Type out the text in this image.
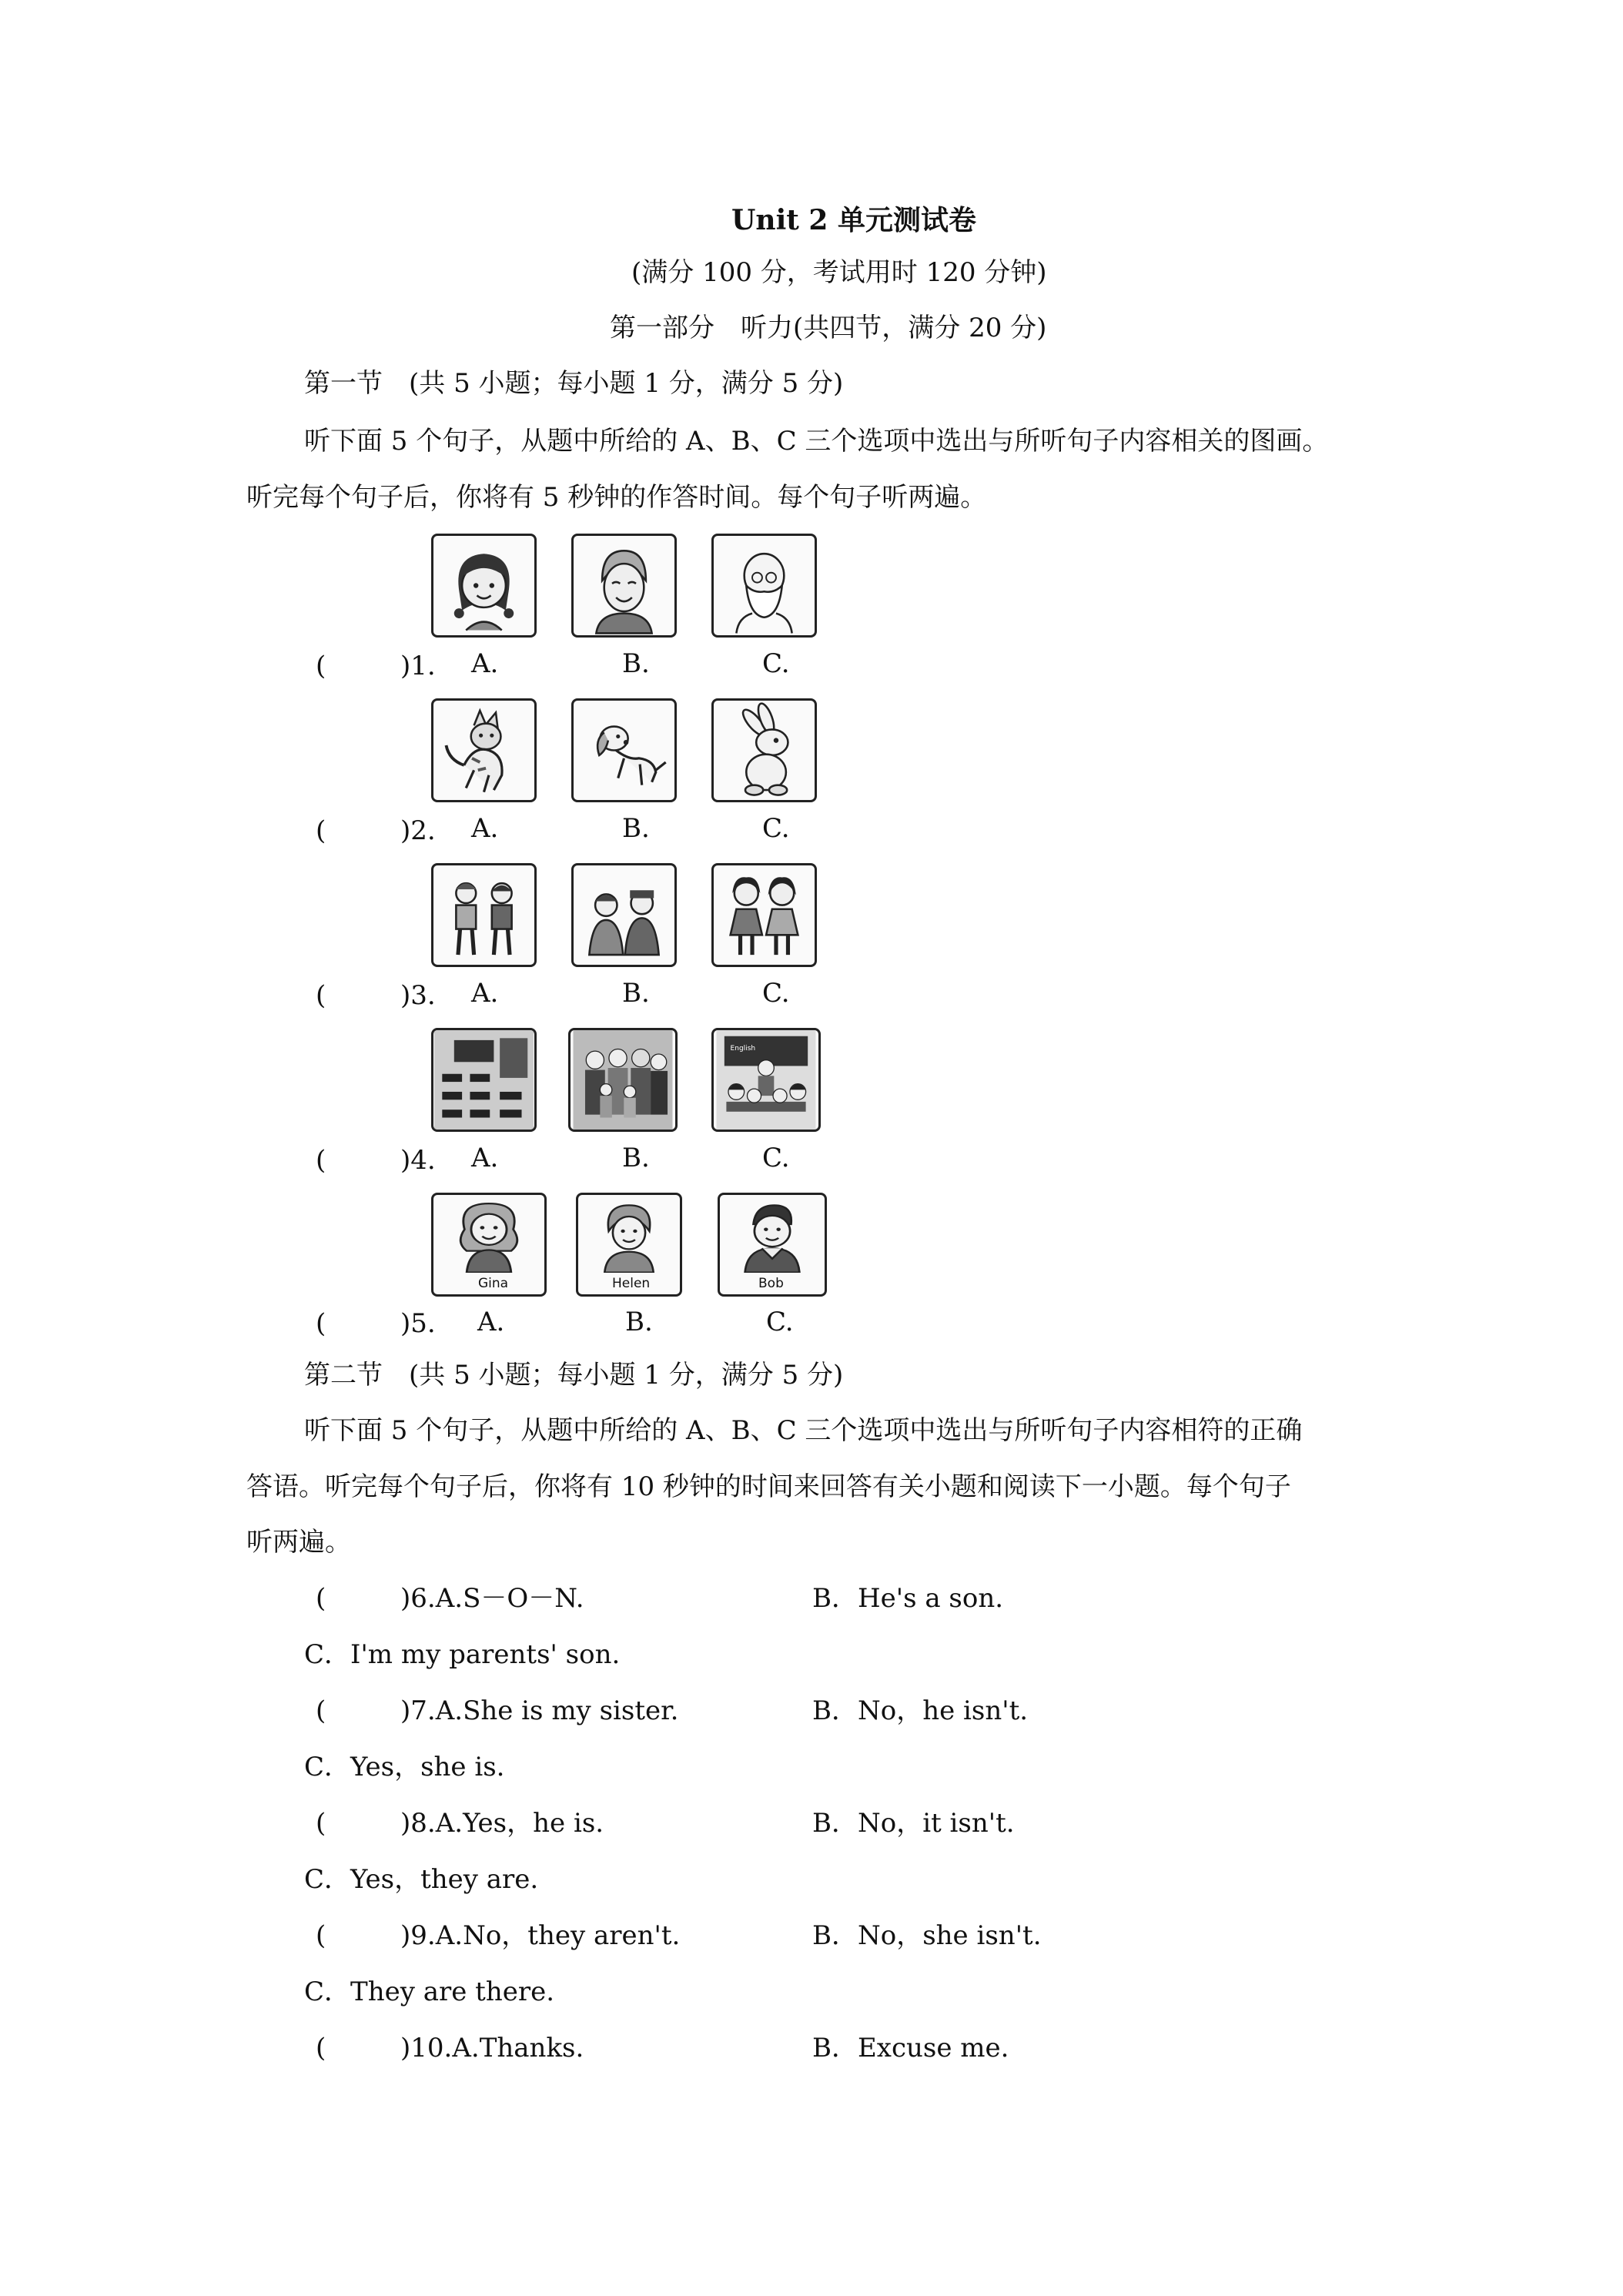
Unit 2 单元测试卷
(满分 100 分，考试用时 120 分钟)
第一部分　听力(共四节，满分 20 分)
第一节　(共 5 小题；每小题 1 分，满分 5 分)
听下面 5 个句子，从题中所给的 A、B、C 三个选项中选出与所听句子内容相关的图画。
听完每个句子后，你将有 5 秒钟的作答时间。每个句子听两遍。
(	)1. A.	B.	C.
(	)2. A.	B.	C.
(	)3. A.	B.	C.
English
(	)4. A.	B.	C.
Gina	Helen	Bob
(	)5. A.	B.	C.
第二节　(共 5 小题；每小题 1 分，满分 5 分)
听下面 5 个句子，从题中所给的 A、B、C 三个选项中选出与所听句子内容相符的正确
答语。听完每个句子后，你将有 10 秒钟的时间来回答有关小题和阅读下一小题。每个句子
听两遍。
(	)6.A.S－O－N.	B．He's a son.
C．I'm my parents' son.
(	)7.A.She is my sister.	B．No，he isn't.
C．Yes，she is.
(	)8.A.Yes，he is.	B．No，it isn't.
C．Yes，they are.
(	)9.A.No，they aren't.	B．No，she isn't.
C．They are there.
(	)10.A.Thanks.	B．Excuse me.
